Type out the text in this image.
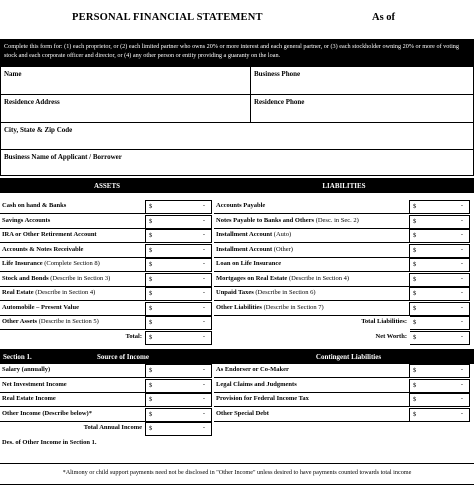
PERSONAL FINANCIAL STATEMENT	As of
Complete this form for: (1) each proprietor, or (2) each limited partner who owns 20% or more interest and each general partner, or (3) each stockholder owning 20% or more of voting stock and each corporate officer and director, or (4) any other person or entity providing a guaranty on the loan.
Name	Business Phone
Residence Address	Residence Phone
City, State & Zip Code
Business Name of Applicant / Borrower
ASSETS	LIABILITIES
Cash on hand & Banks	$	-
Savings Accounts	$	-
IRA or Other Retirement Account	$	-
Accounts & Notes Receivable	$	-
Life Insurance (Complete Section 8)	$	-
Stock and Bonds (Describe in Section 3)	$	-
Real Estate (Describe in Section 4)	$	-
Automobile – Present Value	$	-
Other Assets (Describe in Section 5)	$	-
Total:	$	-
Accounts Payable	$	-
Notes Payable to Banks and Others (Desc. in Sec. 2)	$	-
Installment Account (Auto)	$	-
Installment Account (Other)	$	-
Loan on Life Insurance	$	-
Mortgages on Real Estate (Describe in Section 4)	$	-
Unpaid Taxes (Describe in Section 6)	$	-
Other Liabilities (Describe in Section 7)	$	-
Total Liabilities: $	-
Net Worth: $	-
Section 1.	Source of Income	Contingent Liabilities
Salary (annually)	$	-
Net Investment Income	$	-
Real Estate Income	$	-
Other Income (Describe below)*	$	-
Total Annual Income	$	-
Des. of Other Income in Section 1.
As Endorser or Co-Maker	$	-
Legal Claims and Judgments	$	-
Provision for Federal Income Tax	$	-
Other Special Debt	$	-
*Alimony or child support payments need not be disclosed in "Other Income" unless desired to have payments counted towards total income
